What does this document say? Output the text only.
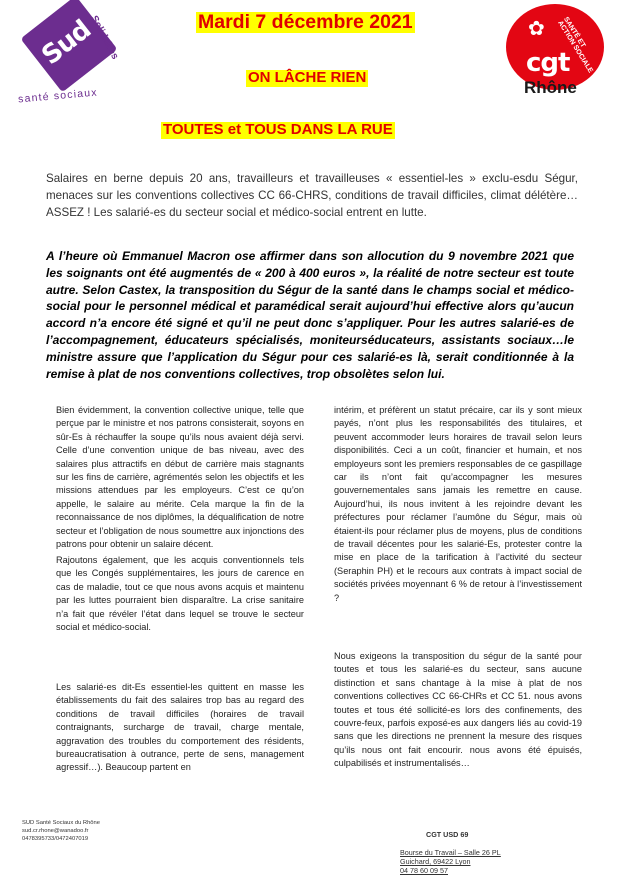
Sud
Solidaires
santé sociaux
✿	SANTÉ ET ACTION SOCIALE
cgt
Rhône
Mardi 7 décembre 2021
ON LÂCHE RIEN
TOUTES et TOUS DANS LA RUE
Salaires en berne depuis 20 ans, travailleurs et travailleuses « essentiel-les » exclu-esdu Ségur, menaces sur les conventions collectives CC 66-CHRS, conditions de travail difficiles, climat délétère…ASSEZ ! Les salarié-es du secteur social et médico-social entrent en lutte.
A l’heure où Emmanuel Macron ose affirmer dans son allocution du 9 novembre 2021 que les soignants ont été augmentés de « 200 à 400 euros », la réalité de notre secteur est toute autre. Selon Castex, la transposition du Ségur de la santé dans le champs social et médico-social pour le personnel médical et paramédical serait aujourd’hui effective alors qu’aucun accord n’a encore été signé et qu’il ne peut donc s’appliquer. Pour les autres salarié-es de l’accompagnement, éducateurs spécialisés, moniteurséducateurs, assistants sociaux…le ministre assure que l’application du Ségur pour ces salarié-es là, serait conditionnée à la remise à plat de nos conventions collectives, trop obsolètes selon lui.
Bien évidemment, la convention collective unique, telle que perçue par le ministre et nos patrons consisterait, soyons en sûr-Es à réchauffer la soupe qu’ils nous avaient déjà servi. Celle d’une convention unique de bas niveau, avec des salaires plus attractifs en début de carrière mais stagnants sur les fins de carrière, agrémentés selon les objectifs et les missions attendues par les employeurs. C’est ce qu’on appelle, le salaire au mérite. Cela marque la fin de la reconnaissance de nos diplômes, la déqualification de notre secteur et l’obligation de nous soumettre aux injonctions des patrons pour obtenir un salaire décent.
Rajoutons également, que les acquis conventionnels tels que les Congés supplémentaires, les jours de carence en cas de maladie, tout ce que nous avons acquis et maintenu par les luttes pourraient bien disparaître. La crise sanitaire n’a fait que révéler l’état dans lequel se trouve le secteur social et médico-social.
Les salarié-es dit-Es essentiel-les quittent en masse les établissements du fait des salaires trop bas au regard des conditions de travail difficiles (horaires de travail contraignants, surcharge de travail, charge mentale, aggravation des troubles du comportement des résidents, bureaucratisation à outrance, perte de sens, management agressif…). Beaucoup partent en
intérim, et préfèrent un statut précaire, car ils y sont mieux payés, n’ont plus les responsabilités des titulaires, et peuvent accommoder leurs horaires de travail selon leurs disponibilités. Ceci a un coût, financier et humain, et nos employeurs sont les premiers responsables de ce gaspillage car ils n’ont fait qu’accompagner les mesures gouvernementales sans jamais les remettre en cause. Aujourd’hui, ils nous invitent à les rejoindre devant les préfectures pour réclamer l’aumône du Ségur, mais où étaient-ils pour réclamer plus de moyens, plus de conditions de travail décentes pour les salarié-Es, protester contre la mise en place de la tarification à l’activité du secteur (Seraphin PH) et le recours aux contrats à impact social de sociétés privées moyennant 6 % de retour à l’investissement ?
Nous exigeons la transposition du ségur de la santé pour toutes et tous les salarié-es du secteur, sans aucune distinction et sans chantage à la mise à plat de nos conventions collectives CC 66-CHRs et CC 51. nous avons toutes et tous été sollicité-es lors des confinements, des couvre-feux, parfois exposé-es aux dangers liés au covid-19 sans que les directions ne prennent la mesure des risques qu’ils nous ont fait encourir. nous avons été épuisés, culpabilisés et instrumentalisés…
SUD Santé Sociaux du Rhône
sud.cr.rhone@wanadoo.fr
0478395733/0472407019
CGT USD 69
Bourse du Travail – Salle 26 PL
Guichard, 69422 Lyon
04 78 60 09 57
